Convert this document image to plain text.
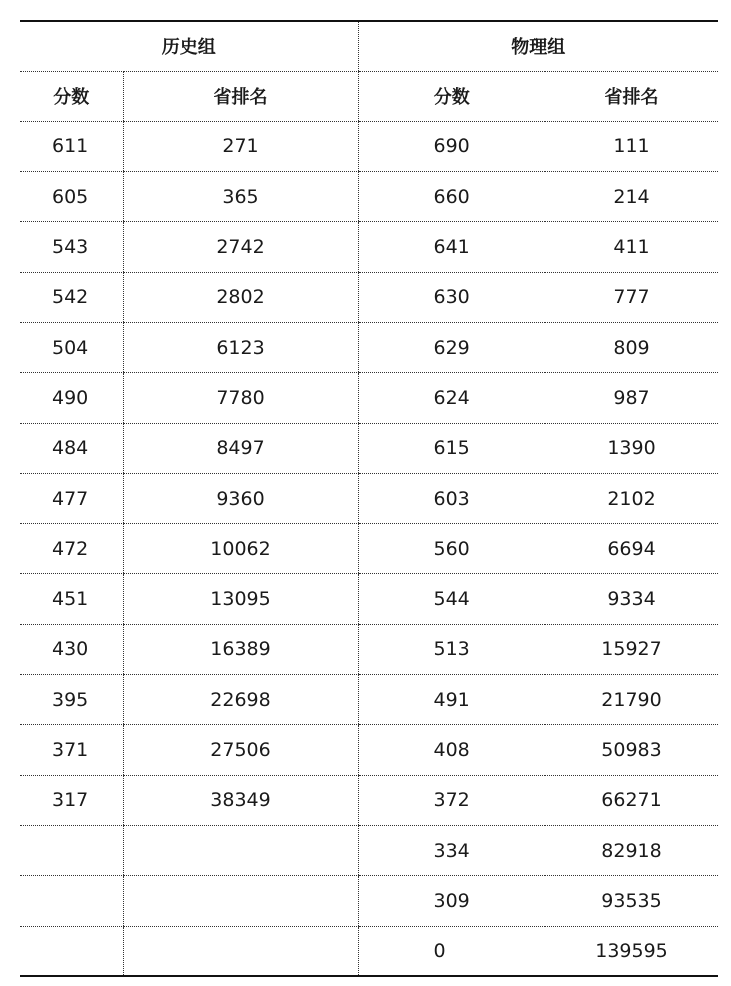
历史组		物理组	
分数	省排名	分数	省排名
611	271	690	111
605	365	660	214
543	2742	641	411
542	2802	630	777
504	6123	629	809
490	7780	624	987
484	8497	615	1390
477	9360	603	2102
472	10062	560	6694
451	13095	544	9334
430	16389	513	15927
395	22698	491	21790
371	27506	408	50983
317	38349	372	66271
		334	82918
		309	93535
		0	139595
